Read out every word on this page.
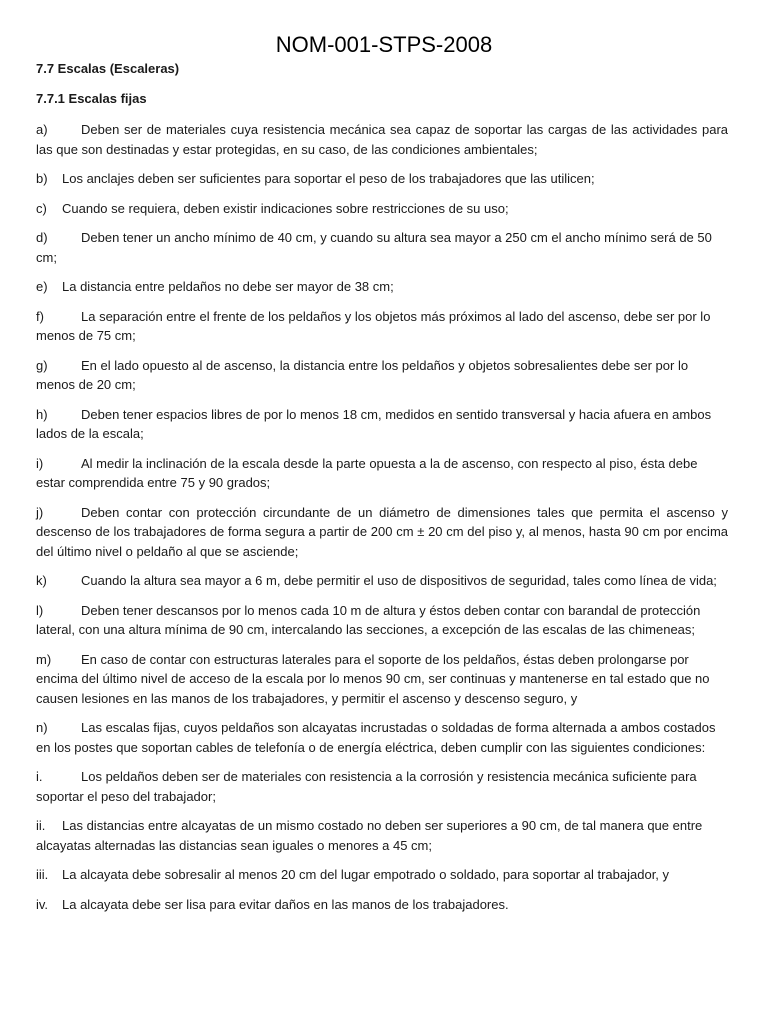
NOM-001-STPS-2008
7.7 Escalas (Escaleras)
7.7.1 Escalas fijas

a)	Deben ser de materiales cuya resistencia mecánica sea capaz de soportar las cargas de las actividades para las que son destinadas y estar protegidas, en su caso, de las condiciones ambientales;

b) Los anclajes deben ser suficientes para soportar el peso de los trabajadores que las utilicen;

c) Cuando se requiera, deben existir indicaciones sobre restricciones de su uso;

d)	Deben tener un ancho mínimo de 40 cm, y cuando su altura sea mayor a 250 cm el ancho mínimo será de 50 cm;

e) La distancia entre peldaños no debe ser mayor de 38 cm;

f)	La separación entre el frente de los peldaños y los objetos más próximos al lado del ascenso, debe ser por lo menos de 75 cm;

g)	En el lado opuesto al de ascenso, la distancia entre los peldaños y objetos sobresalientes debe ser por lo menos de 20 cm;

h)	Deben tener espacios libres de por lo menos 18 cm, medidos en sentido transversal y hacia afuera en ambos lados de la escala;

i)	Al medir la inclinación de la escala desde la parte opuesta a la de ascenso, con respecto al piso, ésta debe estar comprendida entre 75 y 90 grados;

j)	Deben contar con protección circundante de un diámetro de dimensiones tales que permita el ascenso y descenso de los trabajadores de forma segura a partir de 200 cm ± 20 cm del piso y, al menos, hasta 90 cm por encima del último nivel o peldaño al que se asciende;

k)	Cuando la altura sea mayor a 6 m, debe permitir el uso de dispositivos de seguridad, tales como línea de vida;

l)	Deben tener descansos por lo menos cada 10 m de altura y éstos deben contar con barandal de protección lateral, con una altura mínima de 90 cm, intercalando las secciones, a excepción de las escalas de las chimeneas;

m) En caso de contar con estructuras laterales para el soporte de los peldaños, éstas deben prolongarse por encima del último nivel de acceso de la escala por lo menos 90 cm, ser continuas y mantenerse en tal estado que no causen lesiones en las manos de los trabajadores, y permitir el ascenso y descenso seguro, y

n)	Las escalas fijas, cuyos peldaños son alcayatas incrustadas o soldadas de forma alternada a ambos costados en los postes que soportan cables de telefonía o de energía eléctrica, deben cumplir con las siguientes condiciones:

i.	Los peldaños deben ser de materiales con resistencia a la corrosión y resistencia mecánica suficiente para soportar el peso del trabajador;

ii. Las distancias entre alcayatas de un mismo costado no deben ser superiores a 90 cm, de tal manera que entre alcayatas alternadas las distancias sean iguales o menores a 45 cm;

iii. La alcayata debe sobresalir al menos 20 cm del lugar empotrado o soldado, para soportar al trabajador, y

iv. La alcayata debe ser lisa para evitar daños en las manos de los trabajadores.
